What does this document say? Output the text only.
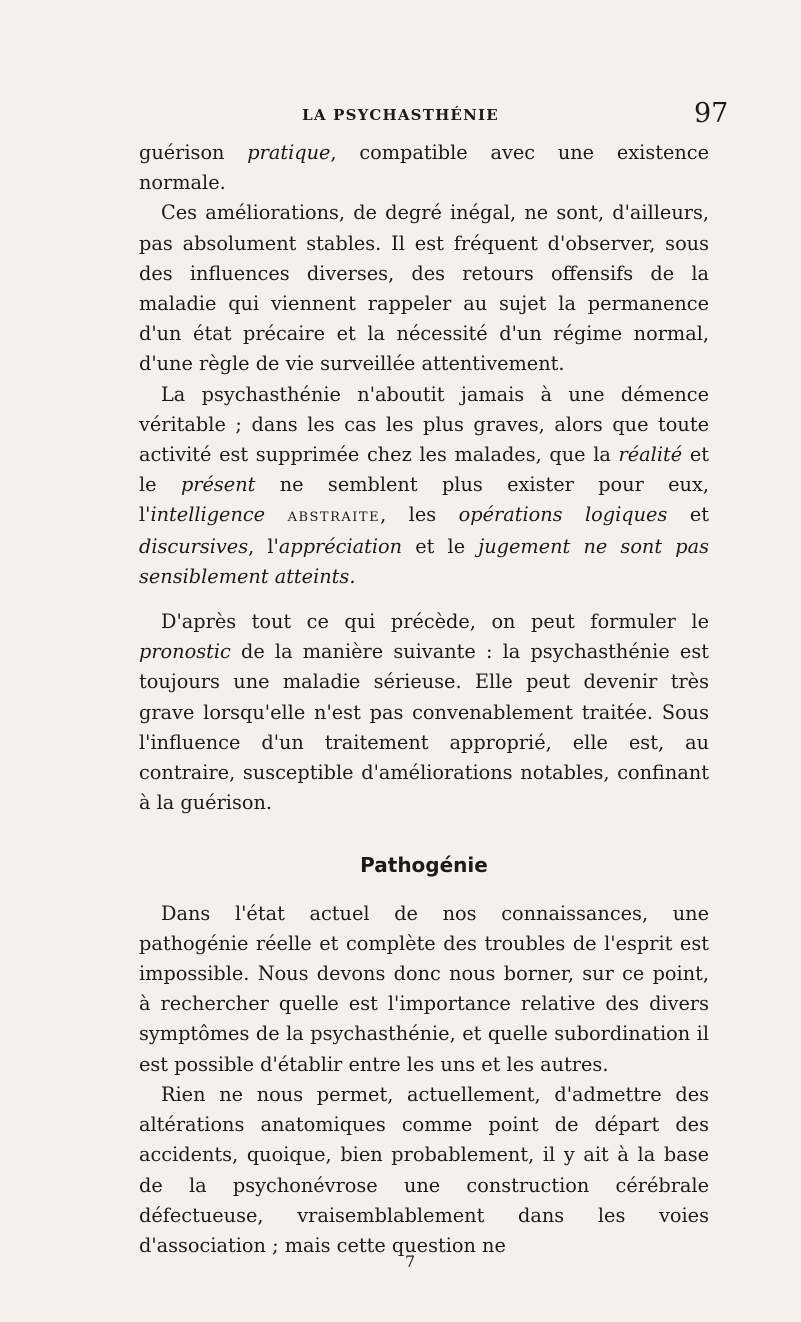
LA PSYCHASTHÉNIE	97

guérison pratique, compatible avec une existence normale.

Ces améliorations, de degré inégal, ne sont, d'ailleurs, pas absolument stables. Il est fréquent d'observer, sous des influences diverses, des retours offensifs de la maladie qui viennent rappeler au sujet la permanence d'un état précaire et la nécessité d'un régime normal, d'une règle de vie surveillée attentivement.

La psychasthénie n'aboutit jamais à une démence véritable ; dans les cas les plus graves, alors que toute activité est supprimée chez les malades, que la réalité et le présent ne semblent plus exister pour eux, l'intelligence abstraite, les opérations logiques et discursives, l'appréciation et le jugement ne sont pas sensiblement atteints.

D'après tout ce qui précède, on peut formuler le pronostic de la manière suivante : la psychasthénie est toujours une maladie sérieuse. Elle peut devenir très grave lorsqu'elle n'est pas convenablement traitée. Sous l'influence d'un traitement approprié, elle est, au contraire, susceptible d'améliorations notables, confinant à la guérison.

Pathogénie

Dans l'état actuel de nos connaissances, une pathogénie réelle et complète des troubles de l'esprit est impossible. Nous devons donc nous borner, sur ce point, à rechercher quelle est l'importance relative des divers symptômes de la psychasthénie, et quelle subordination il est possible d'établir entre les uns et les autres.

Rien ne nous permet, actuellement, d'admettre des altérations anatomiques comme point de départ des accidents, quoique, bien probablement, il y ait à la base de la psychonévrose une construction cérébrale défectueuse, vraisemblablement dans les voies d'association ; mais cette question ne

7
